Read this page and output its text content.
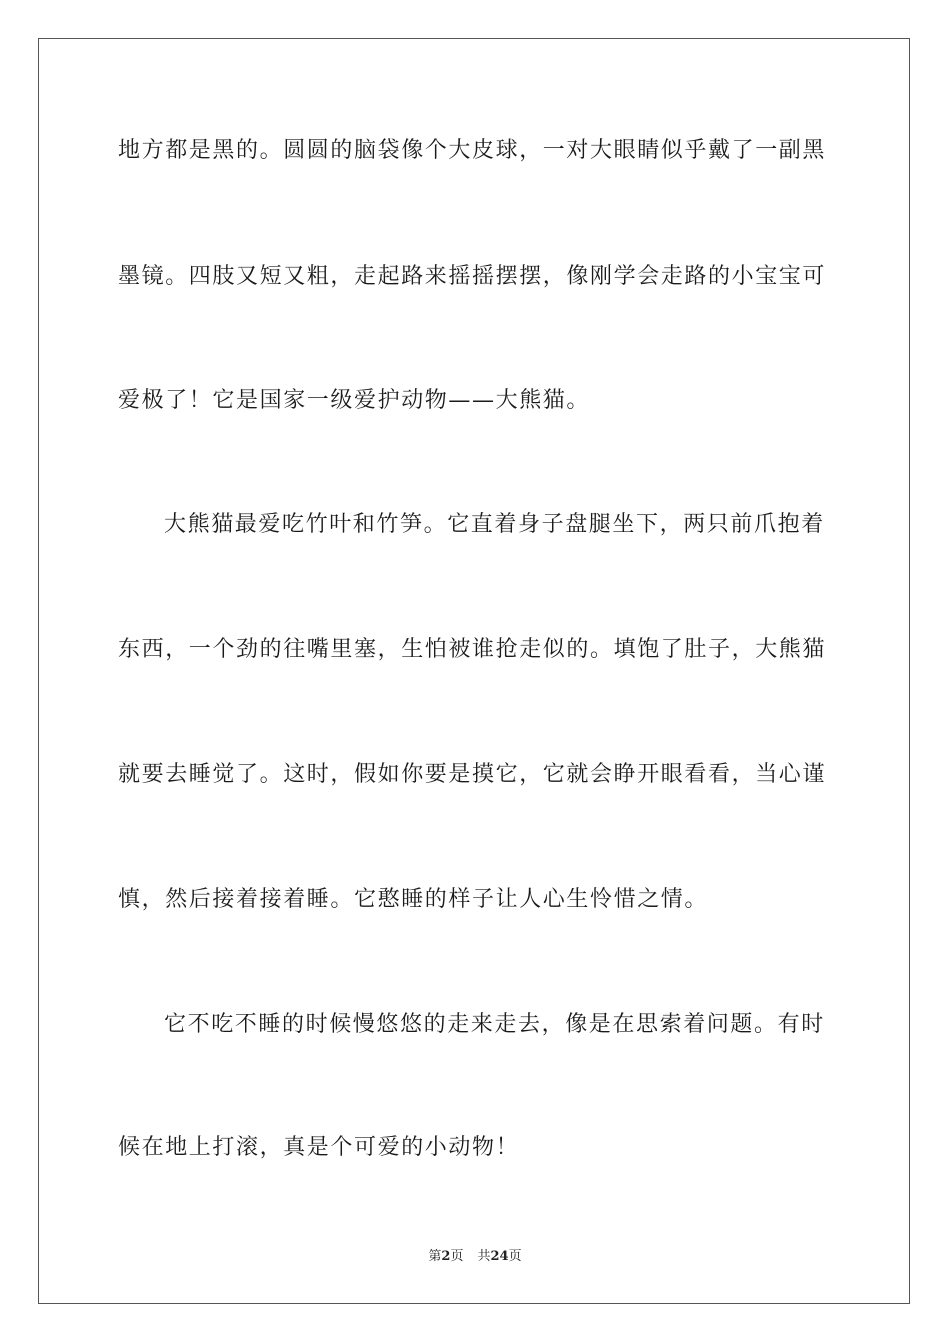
地方都是黑的。圆圆的脑袋像个大皮球，一对大眼睛似乎戴了一副黑
墨镜。四肢又短又粗，走起路来摇摇摆摆，像刚学会走路的小宝宝可
爱极了！它是国家一级爱护动物——大熊猫。
大熊猫最爱吃竹叶和竹笋。它直着身子盘腿坐下，两只前爪抱着
东西，一个劲的往嘴里塞，生怕被谁抢走似的。填饱了肚子，大熊猫
就要去睡觉了。这时，假如你要是摸它，它就会睁开眼看看，当心谨
慎，然后接着接着睡。它憨睡的样子让人心生怜惜之情。
它不吃不睡的时候慢悠悠的走来走去，像是在思索着问题。有时
候在地上打滚，真是个可爱的小动物！
第2页 共24页
